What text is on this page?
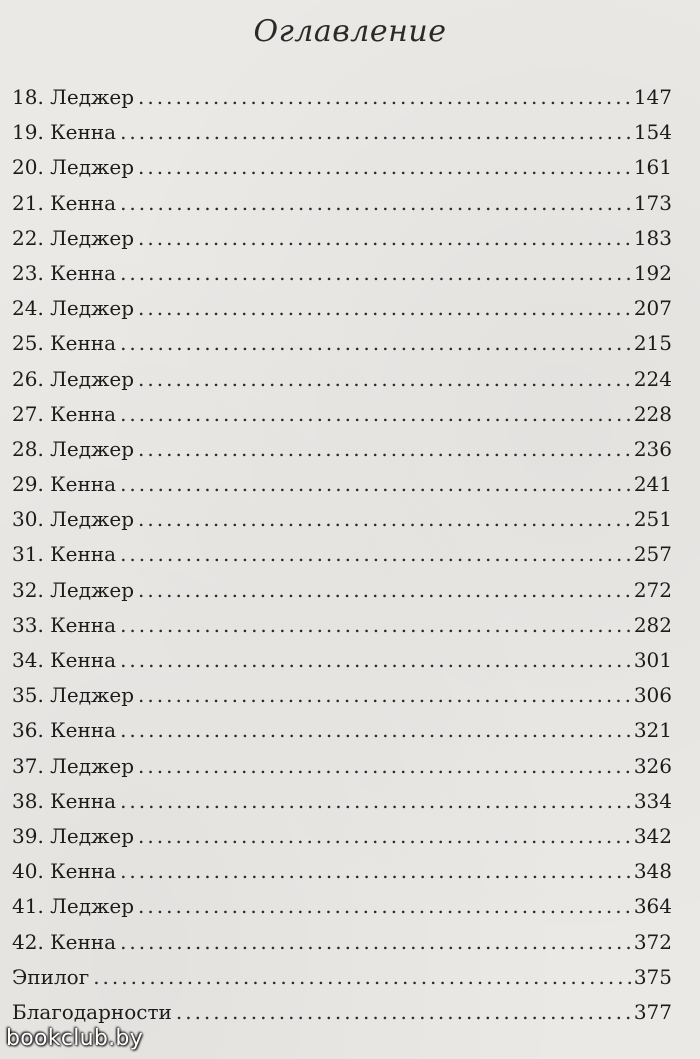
Оглавление
18. Леджер .....	147
19. Кенна .....	154
20. Леджер .....	161
21. Кенна .....	173
22. Леджер .....	183
23. Кенна .....	192
24. Леджер .....	207
25. Кенна .....	215
26. Леджер .....	224
27. Кенна .....	228
28. Леджер .....	236
29. Кенна .....	241
30. Леджер .....	251
31. Кенна .....	257
32. Леджер .....	272
33. Кенна .....	282
34. Кенна .....	301
35. Леджер .....	306
36. Кенна .....	321
37. Леджер .....	326
38. Кенна .....	334
39. Леджер .....	342
40. Кенна .....	348
41. Леджер .....	364
42. Кенна .....	372
Эпилог .....	375
Благодарности .....	377
bookclub.by
